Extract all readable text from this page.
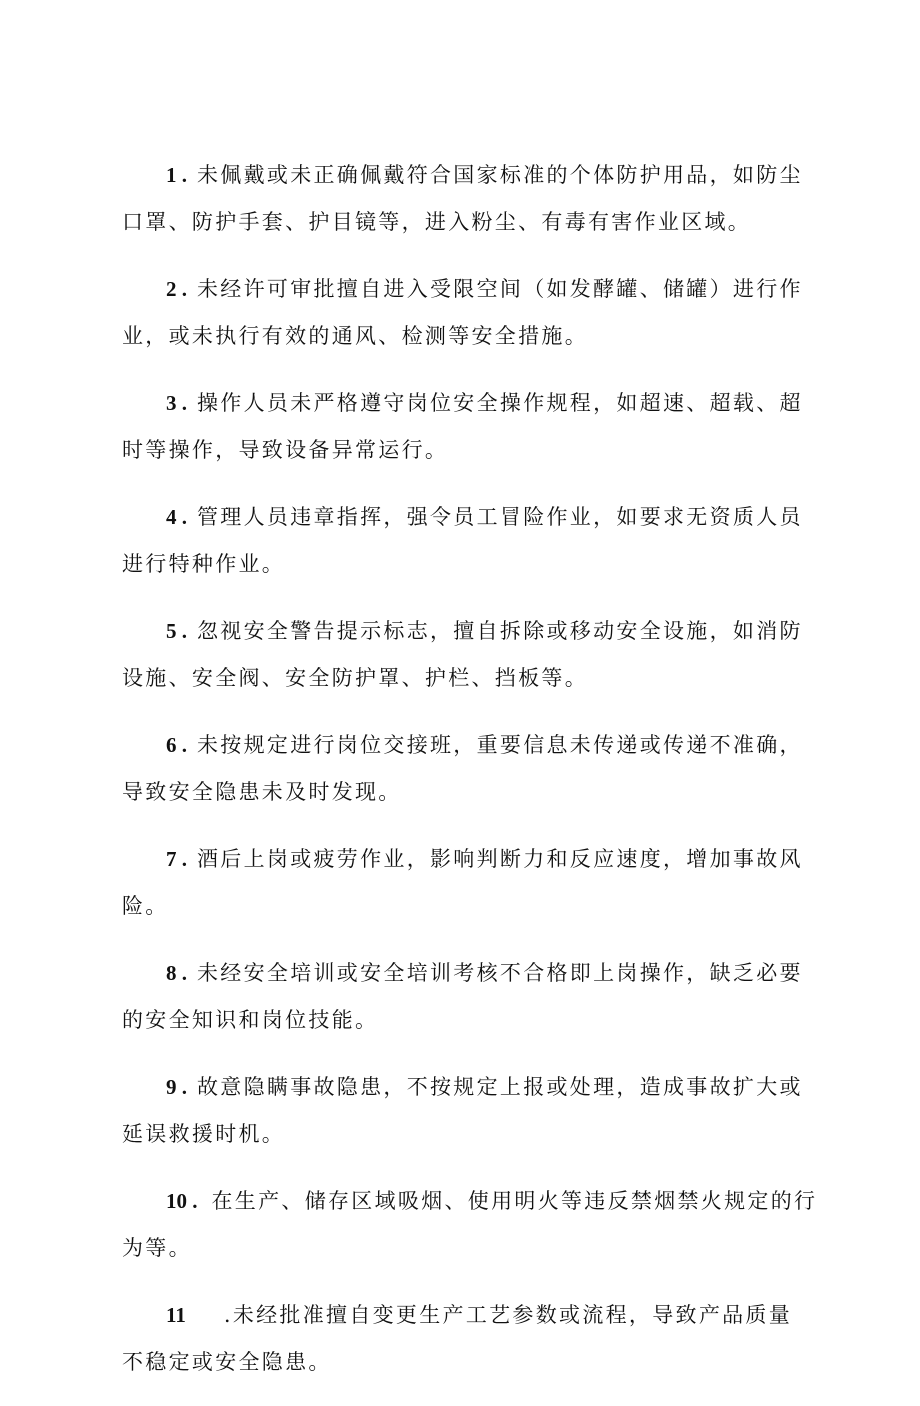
1 . 未佩戴或未正确佩戴符合国家标准的个体防护用品，如防尘
口罩、防护手套、护目镜等，进入粉尘、有毒有害作业区域。
2 . 未经许可审批擅自进入受限空间（如发酵罐、储罐）进行作
业，或未执行有效的通风、检测等安全措施。
3 . 操作人员未严格遵守岗位安全操作规程，如超速、超载、超
时等操作，导致设备异常运行。
4 . 管理人员违章指挥，强令员工冒险作业，如要求无资质人员
进行特种作业。
5 . 忽视安全警告提示标志，擅自拆除或移动安全设施，如消防
设施、安全阀、安全防护罩、护栏、挡板等。
6 . 未按规定进行岗位交接班，重要信息未传递或传递不准确，
导致安全隐患未及时发现。
7 . 酒后上岗或疲劳作业，影响判断力和反应速度，增加事故风
险。
8 . 未经安全培训或安全培训考核不合格即上岗操作，缺乏必要
的安全知识和岗位技能。
9 . 故意隐瞒事故隐患，不按规定上报或处理，造成事故扩大或
延误救援时机。
10 . 在生产、储存区域吸烟、使用明火等违反禁烟禁火规定的行
为等。
11 .未经批准擅自变更生产工艺参数或流程，导致产品质量
不稳定或安全隐患。
